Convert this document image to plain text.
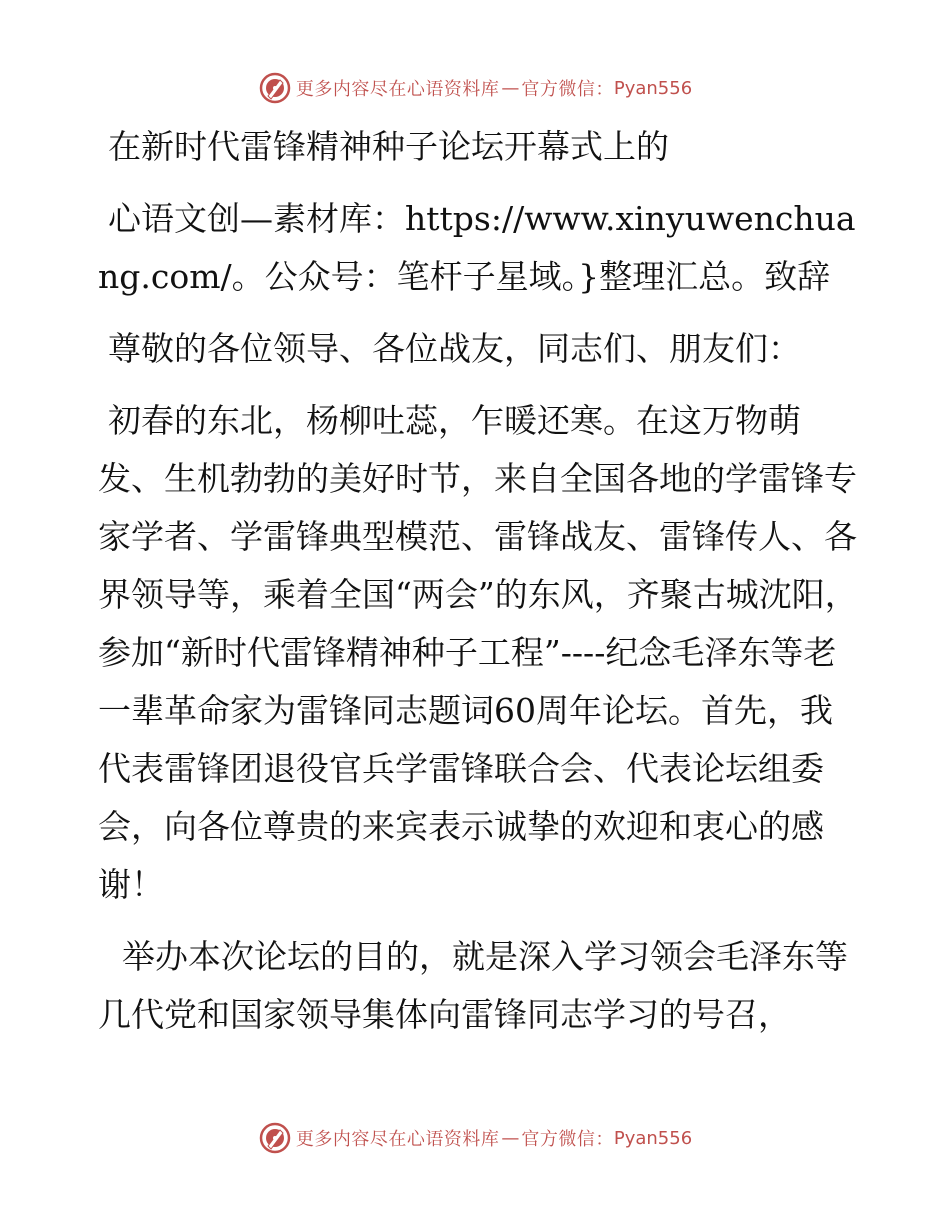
更多内容尽在心语资料库 — 官方微信： Pyan556

在新时代雷锋精神种子论坛开幕式上的

心语文创—素材库：https://www.xinyuwenchuang.com/。公众号：笔杆子星域。}整理汇总。致辞

尊敬的各位领导、各位战友，同志们、朋友们：

初春的东北，杨柳吐蕊，乍暖还寒。在这万物萌发、生机勃勃的美好时节，来自全国各地的学雷锋专家学者、学雷锋典型模范、雷锋战友、雷锋传人、各界领导等，乘着全国“两会”的东风，齐聚古城沈阳，参加“新时代雷锋精神种子工程”----纪念毛泽东等老一辈革命家为雷锋同志题词60周年论坛。首先，我代表雷锋团退役官兵学雷锋联合会、代表论坛组委会，向各位尊贵的来宾表示诚挚的欢迎和衷心的感谢！

举办本次论坛的目的，就是深入学习领会毛泽东等几代党和国家领导集体向雷锋同志学习的号召，

更多内容尽在心语资料库 — 官方微信： Pyan556
